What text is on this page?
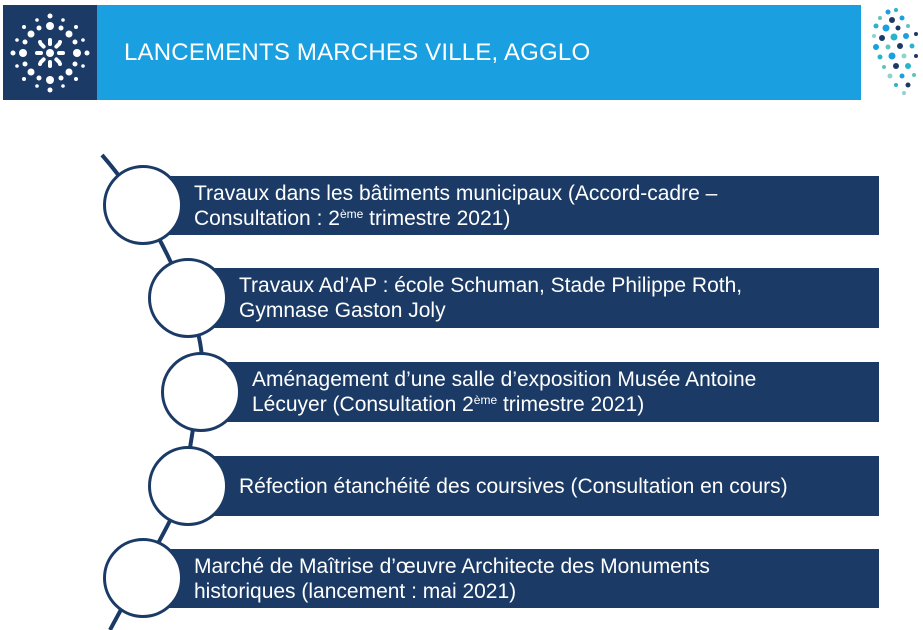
LANCEMENTS MARCHES VILLE, AGGLO
Travaux dans les bâtiments municipaux (Accord-cadre –
Consultation : 2ème trimestre 2021)
Travaux Ad’AP : école Schuman, Stade Philippe Roth,
Gymnase Gaston Joly
Aménagement d’une salle d’exposition Musée Antoine
Lécuyer (Consultation 2ème trimestre 2021)
Réfection étanchéité des coursives (Consultation en cours)
Marché de Maîtrise d’œuvre Architecte des Monuments
historiques (lancement : mai 2021)
